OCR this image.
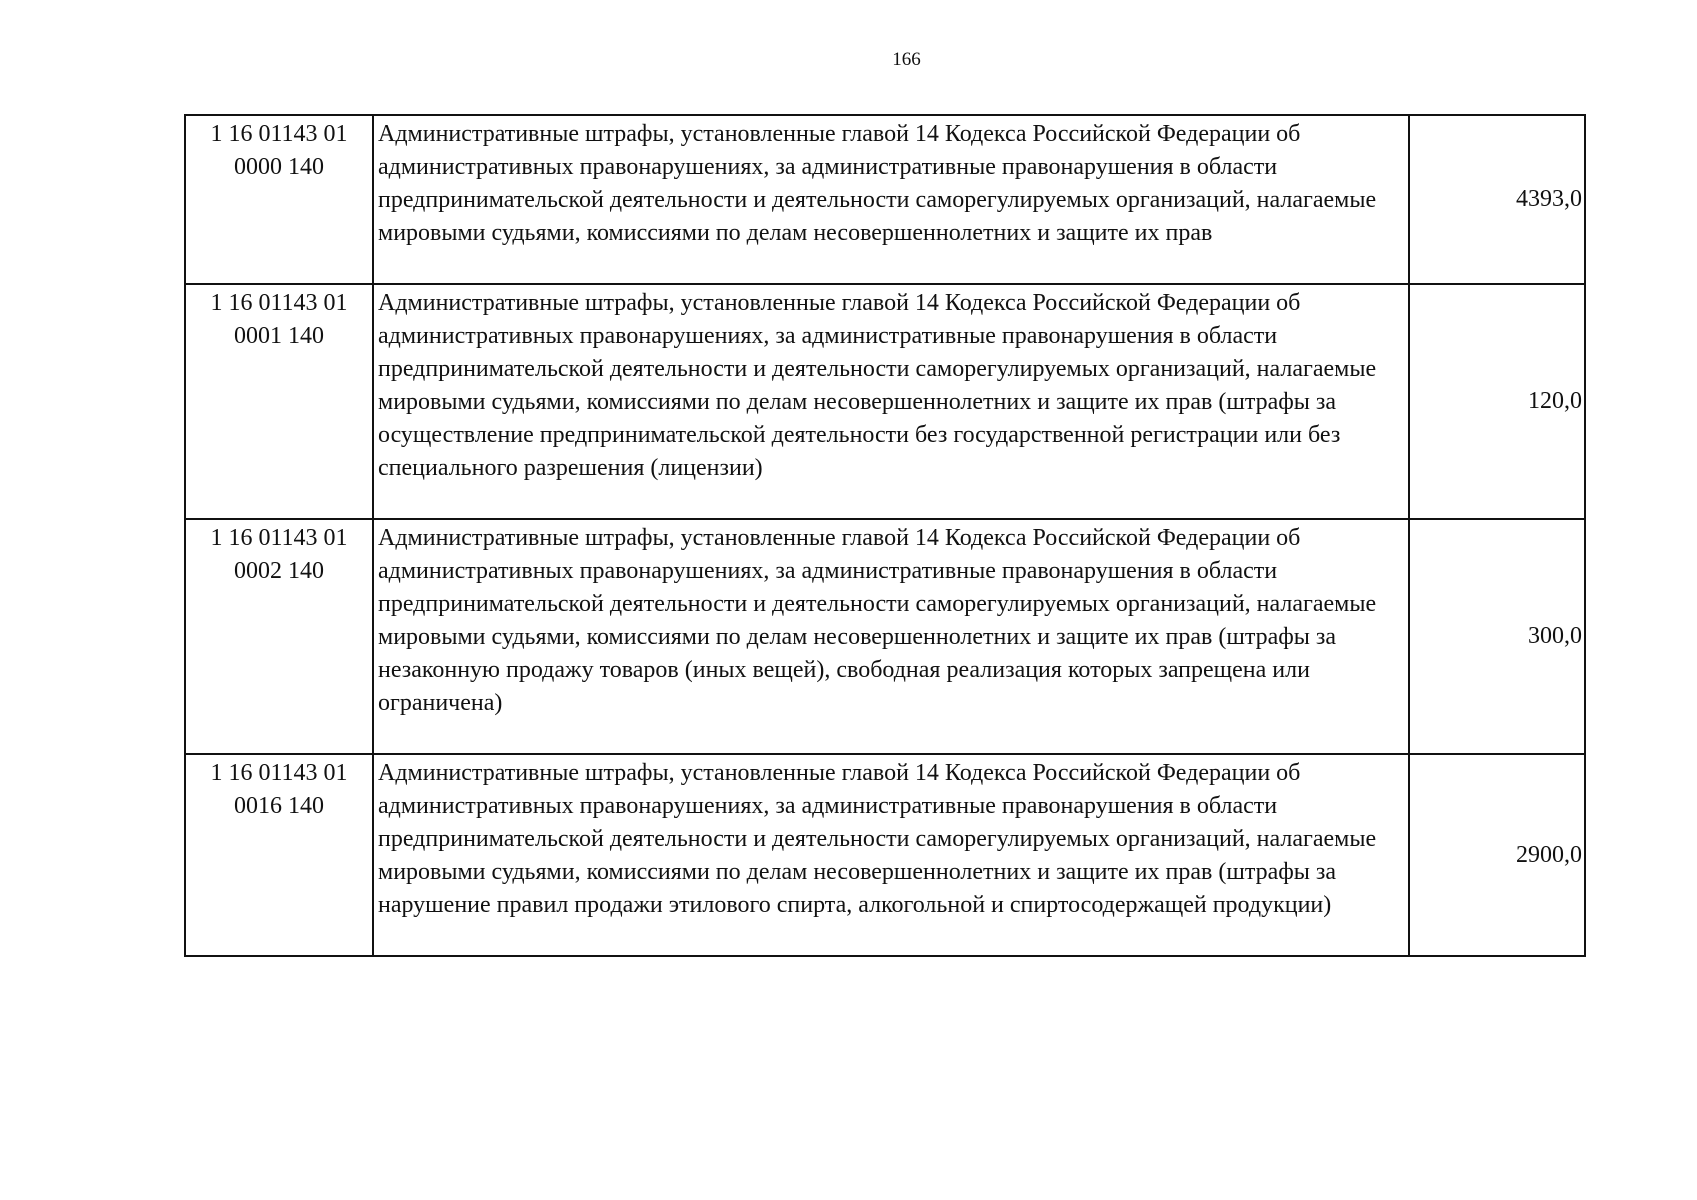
166
1 16 01143 01
0000 140	Административные штрафы, установленные главой 14 Кодекса Российской Федерации об административных правонарушениях, за административные правонарушения в области предпринимательской деятельности и деятельности саморегулируемых организаций, налагаемые мировыми судьями, комиссиями по делам несовершеннолетних и защите их прав	4393,0

1 16 01143 01
0001 140	Административные штрафы, установленные главой 14 Кодекса Российской Федерации об административных правонарушениях, за административные правонарушения в области предпринимательской деятельности и деятельности саморегулируемых организаций, налагаемые мировыми судьями, комиссиями по делам несовершеннолетних и защите их прав (штрафы за осуществление предпринимательской деятельности без государственной регистрации или без специального разрешения (лицензии)	120,0

1 16 01143 01
0002 140	Административные штрафы, установленные главой 14 Кодекса Российской Федерации об административных правонарушениях, за административные правонарушения в области предпринимательской деятельности и деятельности саморегулируемых организаций, налагаемые мировыми судьями, комиссиями по делам несовершеннолетних и защите их прав (штрафы за незаконную продажу товаров (иных вещей), свободная реализация которых запрещена или ограничена)	300,0

1 16 01143 01
0016 140	Административные штрафы, установленные главой 14 Кодекса Российской Федерации об административных правонарушениях, за административные правонарушения в области предпринимательской деятельности и деятельности саморегулируемых организаций, налагаемые мировыми судьями, комиссиями по делам несовершеннолетних и защите их прав (штрафы за нарушение правил продажи этилового спирта, алкогольной и спиртосодержащей продукции)	2900,0
